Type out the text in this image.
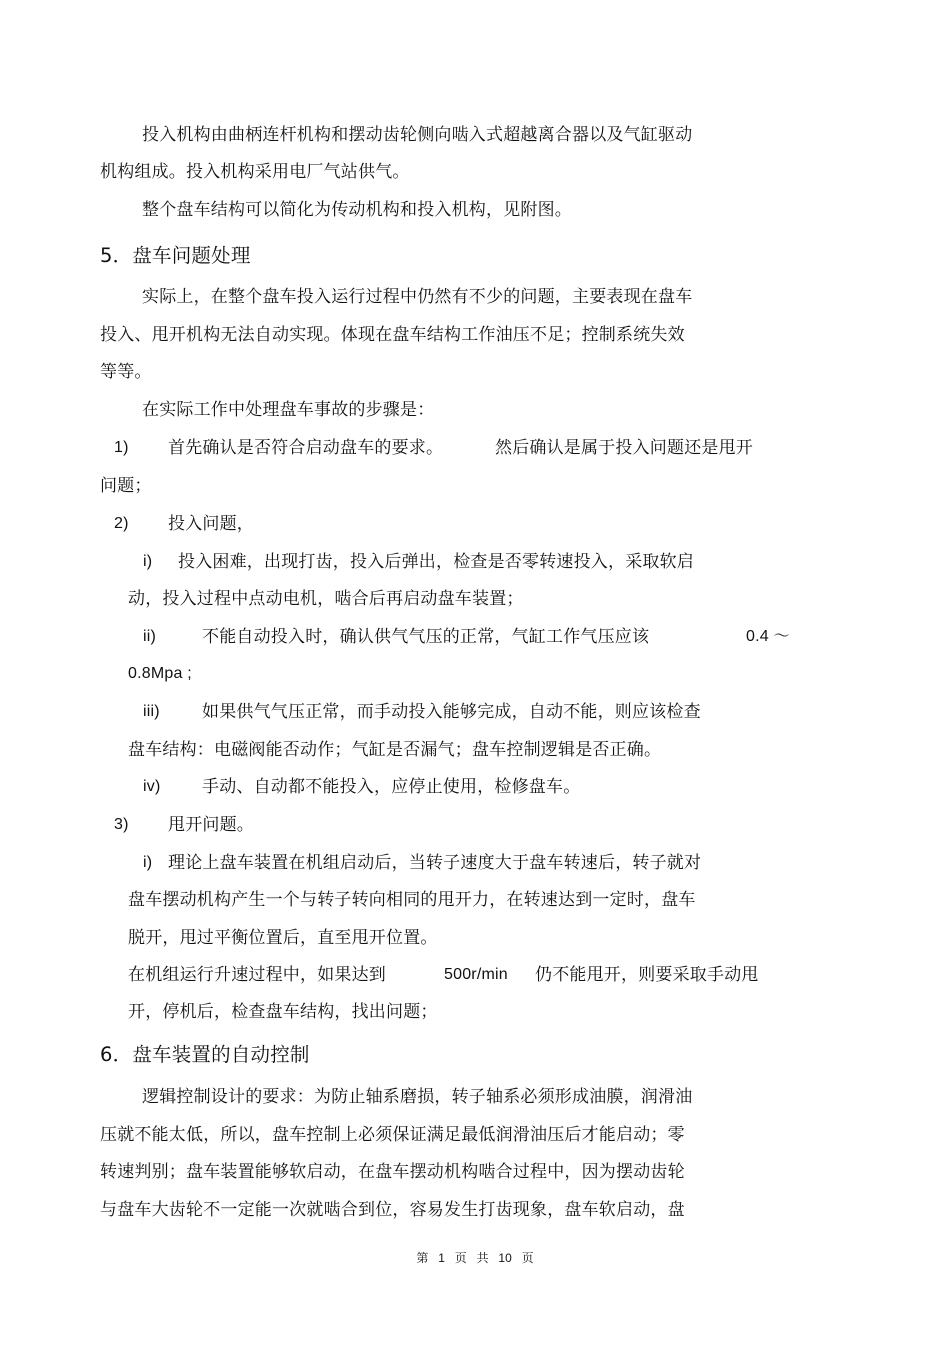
投入机构由曲柄连杆机构和摆动齿轮侧向啮入式超越离合器以及气缸驱动
机构组成。投入机构采用电厂气站供气。
整个盘车结构可以简化为传动机构和投入机构，见附图。
5．盘车问题处理
实际上，在整个盘车投入运行过程中仍然有不少的问题，主要表现在盘车
投入、甩开机构无法自动实现。体现在盘车结构工作油压不足；控制系统失效
等等。
在实际工作中处理盘车事故的步骤是：
1) 首先确认是否符合启动盘车的要求。	然后确认是属于投入问题还是甩开
问题；
2) 投入问题，
i) 投入困难，出现打齿，投入后弹出，检查是否零转速投入，采取软启
动，投入过程中点动电机，啮合后再启动盘车装置；
ii)	不能自动投入时，确认供气气压的正常，气缸工作气压应该	0.4 ～
0.8Mpa ;
iii) 如果供气气压正常，而手动投入能够完成，自动不能，则应该检查
盘车结构：电磁阀能否动作；气缸是否漏气；盘车控制逻辑是否正确。
iv) 手动、自动都不能投入，应停止使用，检修盘车。
3) 甩开问题。
i) 理论上盘车装置在机组启动后，当转子速度大于盘车转速后，转子就对
盘车摆动机构产生一个与转子转向相同的甩开力，在转速达到一定时，盘车
脱开，甩过平衡位置后，直至甩开位置。
在机组运行升速过程中，如果达到	500r/min 仍不能甩开，则要采取手动甩
开，停机后，检查盘车结构，找出问题；
6．盘车装置的自动控制
逻辑控制设计的要求：为防止轴系磨损，转子轴系必须形成油膜，润滑油
压就不能太低，所以，盘车控制上必须保证满足最低润滑油压后才能启动；零
转速判别；盘车装置能够软启动，在盘车摆动机构啮合过程中，因为摆动齿轮
与盘车大齿轮不一定能一次就啮合到位，容易发生打齿现象，盘车软启动，盘
第 1 页 共 10 页
